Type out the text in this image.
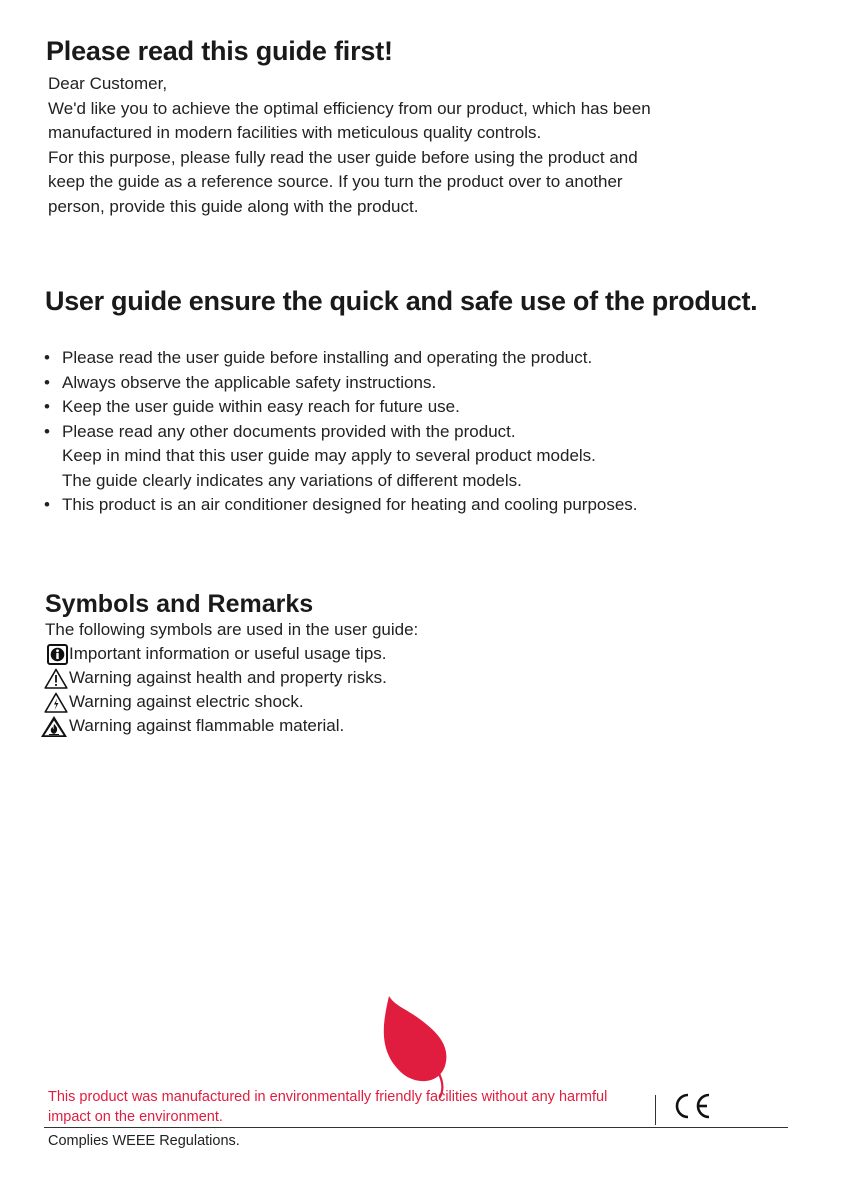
Please read this guide first!

Dear Customer,

We'd like you to achieve the optimal efficiency from our product, which has been

manufactured in modern facilities with meticulous quality controls.

For this purpose, please fully read the user guide before using the product and

keep the guide as a reference source. If you turn the product over to another

person, provide this guide along with the product.

User guide ensure the quick and safe use of the product.
• Please read the user guide before installing and operating the product.
• Always observe the applicable safety instructions.
• Keep the user guide within easy reach for future use.
• Please read any other documents provided with the product.
Keep in mind that this user guide may apply to several product models.
The guide clearly indicates any variations of different models.
• This product is an air conditioner designed for heating and cooling purposes.
Symbols and Remarks
The following symbols are used in the user guide:
Important information or useful usage tips.
Warning against health and property risks.
Warning against electric shock.
Warning against flammable material.
This product was manufactured in environmentally friendly facilities without any harmful impact on the environment.
Complies WEEE Regulations.
